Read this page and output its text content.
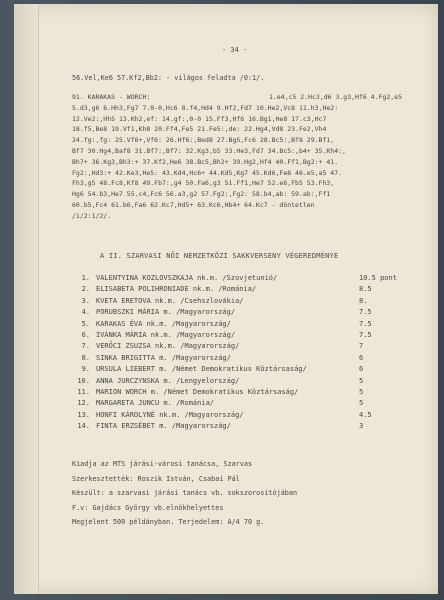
- 34 -
56.Vel,Ke6 57.Kf2,Bb2: - világos feladta /0:1/.
91. KARAKAS - WORCH:	1.e4,c5 2.Hc3,d6 3.g3,Hf6 4.Fg2,e5
5.d3,g6 6.Hh3,Fg7 7.0-0,Hc6 8.f4,Hd4 9.Hf2,Fd7 10.He2,Vc8 11.h3,He2:
12.Ve2:,Hh5 13.Kh2,ef: 14.gf:,0-0 15.Ff3,Hf6 16.Bg1,He8 17.c3,Hc7
18.f5,Be8 19.Vf1,Kh8 20.Ff4,Fe5 21.Fe5:,de: 22.Hg4,Vd8 23.Fe2,Vh4
24.fg:,fg: 25.Vf6+,Vf6: 26.Hf6:,Bed8 27.Bg5,Fc6 28.Bc5:,Bf8 29.Bf1,
Bf7 30.Hg4,Baf8 31.Bf7:,Bf7: 32.Kg3,b5 33.He3,Fd7 34.Bc5:,b4+ 35.Kh4:,
Bh7+ 36.Kg3,Bh3:+ 37.Kf2,He6 38.Bc5,Bh2+ 39.Hg2,Hf4 40.Ff1,Bg2:+ 41.
Fg2:,Hd3:+ 42.Ke3,He5: 43.Kd4,Hc6+ 44.Kd5,Kg7 45.Kd6,Fe8 46.e5,a5 47.
Fh3,g5 48.Fc8,Kf8 49.Fb7:,g4 50.Fa6,g3 51.Ff1,He7 52.e6,Fb5 53.Fh3,
Hg6 54.b3,He7 55.c4,Fc6 56.a3,g2 57.Fg2:,Fg2: 58.b4,ab: 59.ab:,Ff1
60.b5,Fc4 61.b6,Fa6 62.Kc7,Hd5+ 63.Kc6,Hb4+ 64.Kc7 - döntetlen
/1/2:1/2/.
A II. SZARVASI NŐI NEMZETKÖZI SAKKVERSENY VÉGEREDMÉNYE
1. VALENTYINA KOZLOVSZKAJA nk.m. /Szovjetunió/	10.5 pont
2. ELISABETA POLIHRONIADE nk.m. /Románia/	8.5
3. KVETA ERETOVA nk.m. /Csehszlovákia/	8.
4. PORUBSZKI MÁRIA m. /Magyarország/	7.5
5. KARAKAS ÉVA nk.m. /Magyarország/	7.5
6. IVÁNKA MÁRIA nk.m. /Magyarország/	7.5
7. VERŐCI ZSUZSA nk.m. /Magyarország/	7
8. SINKA BRIGITTA m. /Magyarország/	6
9. URSULA LIEBERT m. /Német Demokratikus Köztársaság/	6
10. ANNA JURCZYNSKA m. /Lengyelország/	5
11. MARION WORCH m. /Német Demokratikus Köztársaság/	5
12. MARGARETA JUNCU m. /Románia/	5
13. HONFI KÁROLYNÉ nk.m. /Magyarország/	4.5
14. FINTA ERZSÉBET m. /Magyarország/	3
Kiadja az MTS járási-városi tanácsa, Szarvas
Szerkesztették: Roszik István, Csabai Pál
Készült: a szarvasi járási tanács vb. sokszorosítójában
F.v: Gajdács György vb.elnökhelyettes
Megjelent 500 példányban. Terjedelem: A/4 70 g.
